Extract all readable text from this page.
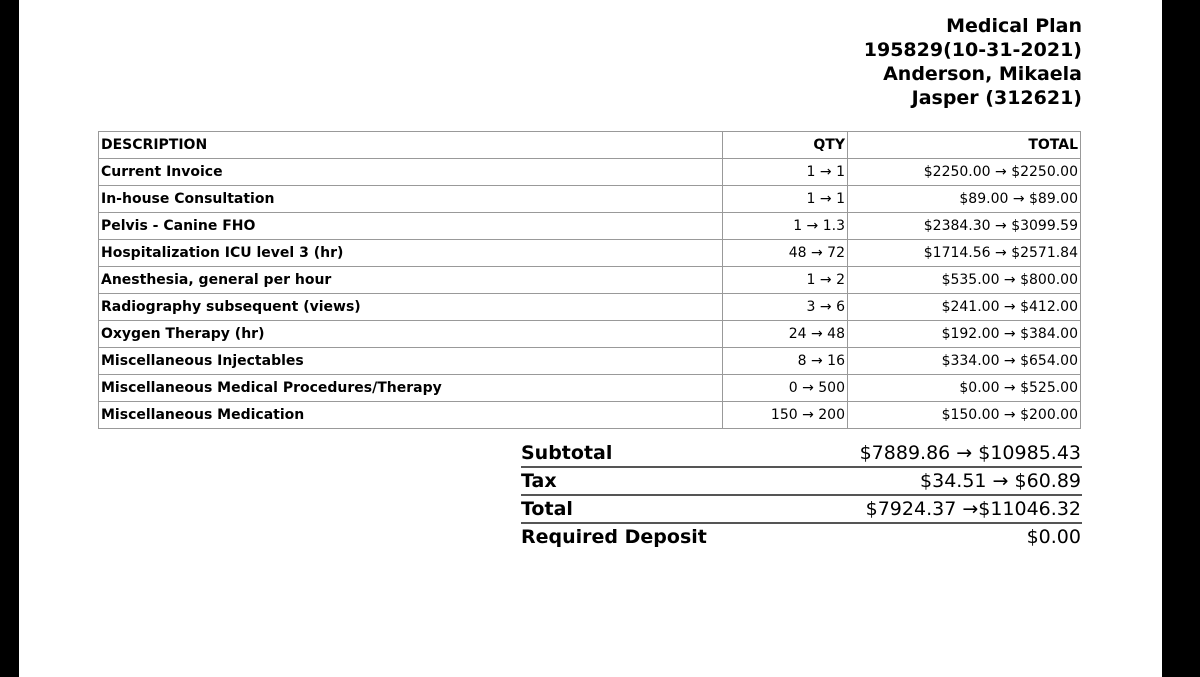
Medical Plan
195829(10-31-2021)
Anderson, Mikaela
Jasper (312621)
DESCRIPTION	QTY	TOTAL
Current Invoice	1 → 1	$2250.00 → $2250.00
In-house Consultation	1 → 1	$89.00 → $89.00
Pelvis - Canine FHO	1 → 1.3	$2384.30 → $3099.59
Hospitalization ICU level 3 (hr)	48 → 72	$1714.56 → $2571.84
Anesthesia, general per hour	1 → 2	$535.00 → $800.00
Radiography subsequent (views)	3 → 6	$241.00 → $412.00
Oxygen Therapy (hr)	24 → 48	$192.00 → $384.00
Miscellaneous Injectables	8 → 16	$334.00 → $654.00
Miscellaneous Medical Procedures/Therapy	0 → 500	$0.00 → $525.00
Miscellaneous Medication	150 → 200	$150.00 → $200.00
Subtotal	$7889.86 → $10985.43
Tax	$34.51 → $60.89
Total	$7924.37 →$11046.32
Required Deposit	$0.00
